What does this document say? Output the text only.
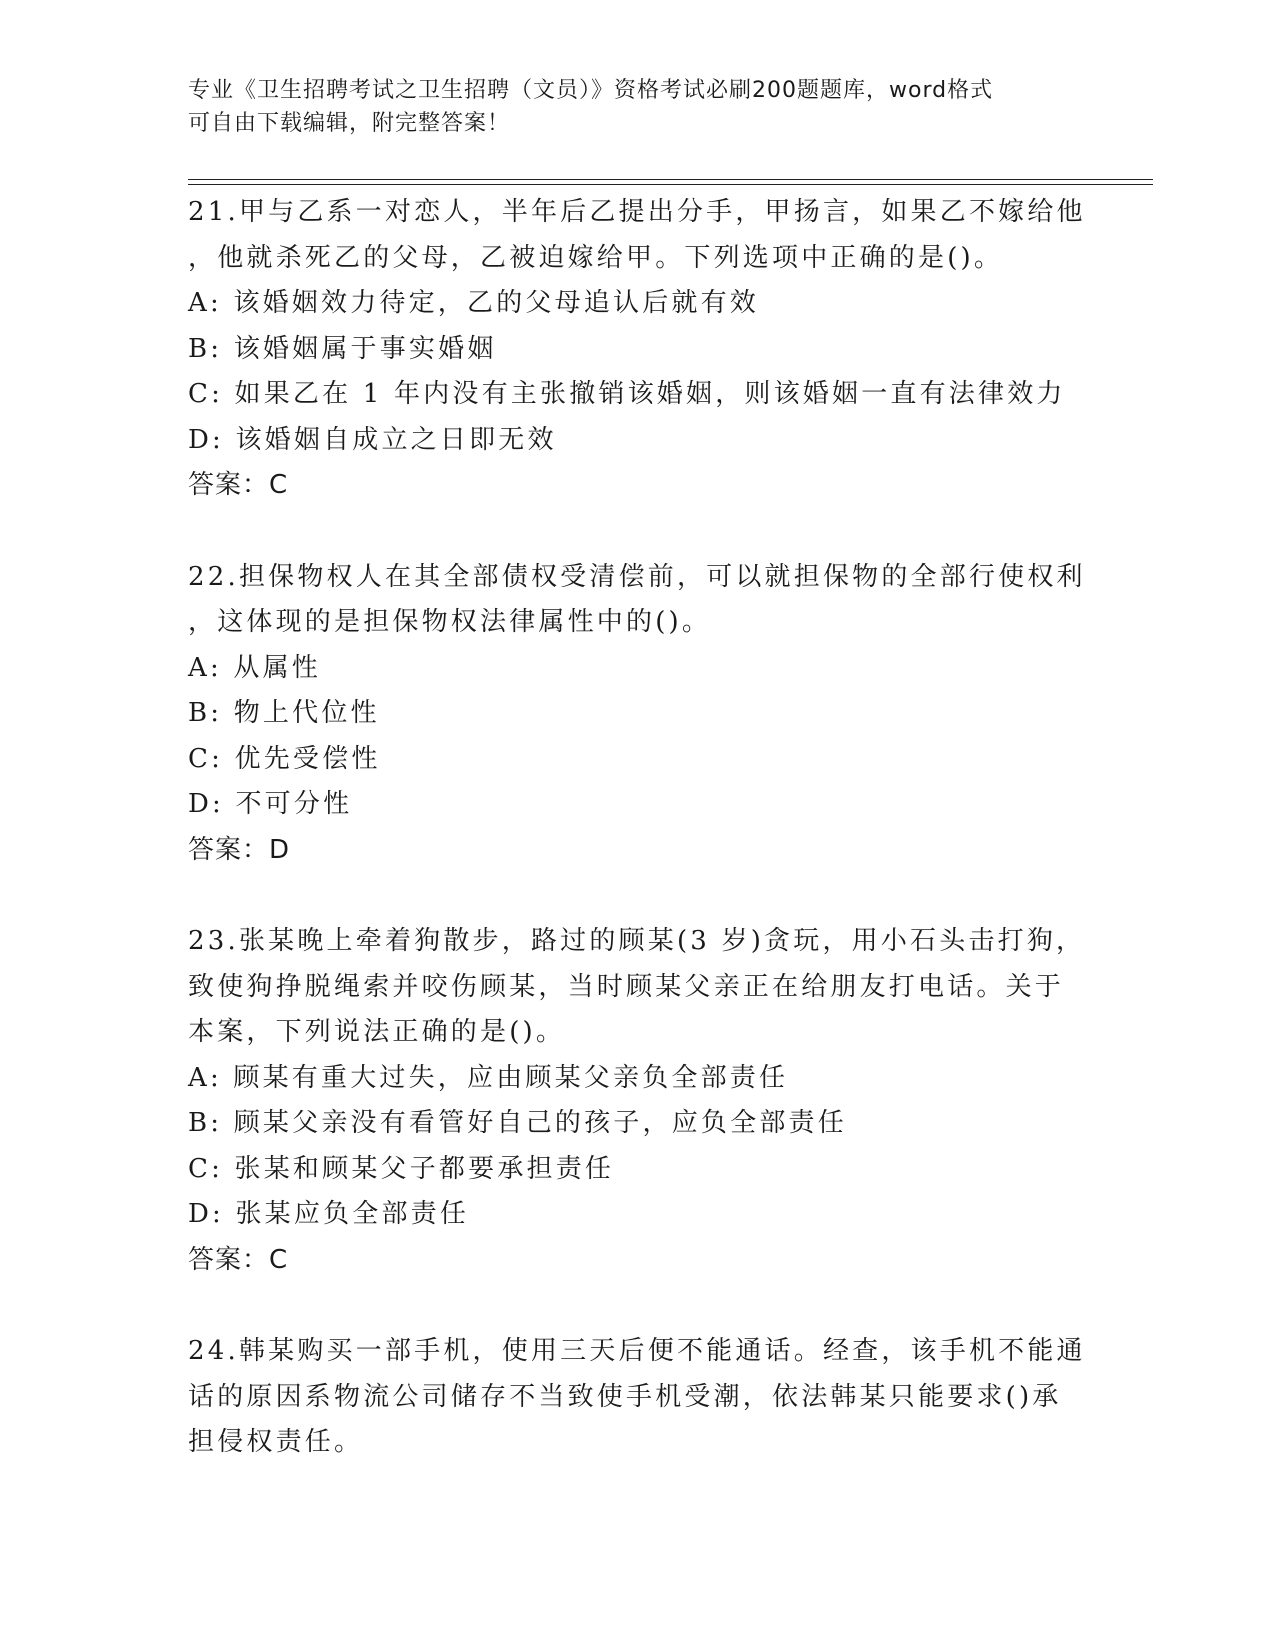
专业《卫生招聘考试之卫生招聘（文员）》资格考试必刷200题题库，word格式
可自由下载编辑，附完整答案！
21.甲与乙系一对恋人，半年后乙提出分手，甲扬言，如果乙不嫁给他
，他就杀死乙的父母，乙被迫嫁给甲。下列选项中正确的是()。
A: 该婚姻效力待定，乙的父母追认后就有效
B: 该婚姻属于事实婚姻
C: 如果乙在 1 年内没有主张撤销该婚姻，则该婚姻一直有法律效力
D: 该婚姻自成立之日即无效
答案：C
22.担保物权人在其全部债权受清偿前，可以就担保物的全部行使权利
，这体现的是担保物权法律属性中的()。
A: 从属性
B: 物上代位性
C: 优先受偿性
D: 不可分性
答案：D
23.张某晚上牵着狗散步，路过的顾某(3 岁)贪玩，用小石头击打狗，
致使狗挣脱绳索并咬伤顾某，当时顾某父亲正在给朋友打电话。关于
本案，下列说法正确的是()。
A: 顾某有重大过失，应由顾某父亲负全部责任
B: 顾某父亲没有看管好自己的孩子，应负全部责任
C: 张某和顾某父子都要承担责任
D: 张某应负全部责任
答案：C
24.韩某购买一部手机，使用三天后便不能通话。经查，该手机不能通
话的原因系物流公司储存不当致使手机受潮，依法韩某只能要求()承
担侵权责任。
